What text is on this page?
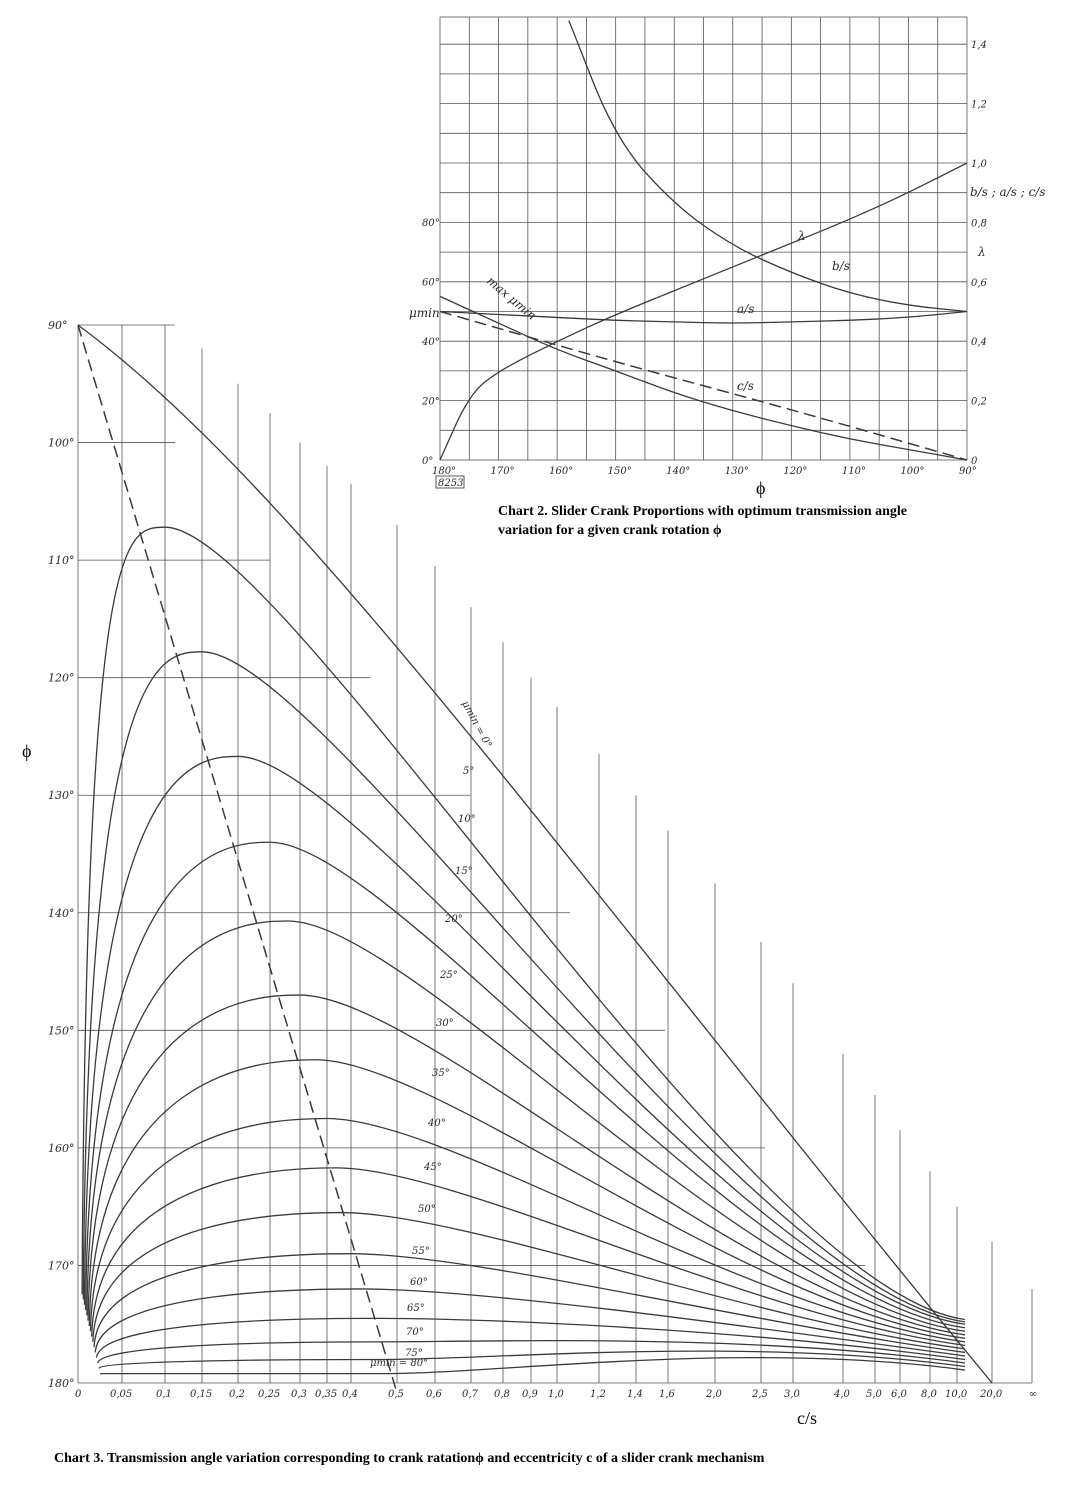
180°	170°	160°	150°	140°	130°	120°	110°	100°	90°
0°
20°
40°
60°
80°
0
0,2
0,4
0,6
0,8
1,0
1,2
1,4
μmin
b/s ; a/s ; c/s
λ
ϕ
8253
max μmin
λ
b/s
a/s
c/s
Chart 2. Slider Crank Proportions with optimum transmission angle variation for a given crank rotation ϕ
90°
100°
110°
120°
130°
140°
150°
160°
170°
180°
0	0,05 0,1 0,15 0,2 0,25 0,3 0,35 0,4	0,5 0,6 0,7 0,8 0,9 1,0	1,2 1,4 1,6	2,0	2,5 3,0	4,0 5,0 6,0 8,0 10,0 20,0	∞
μmin = 0°
5°
10°
15°
20°
25°
30°
35°
40°
45°
50°
55°
60°
65°
70°
75°
μmin = 80°
ϕ
c/s
Chart 3. Transmission angle variation corresponding to crank ratationϕ and eccentricity c of a slider crank mechanism
